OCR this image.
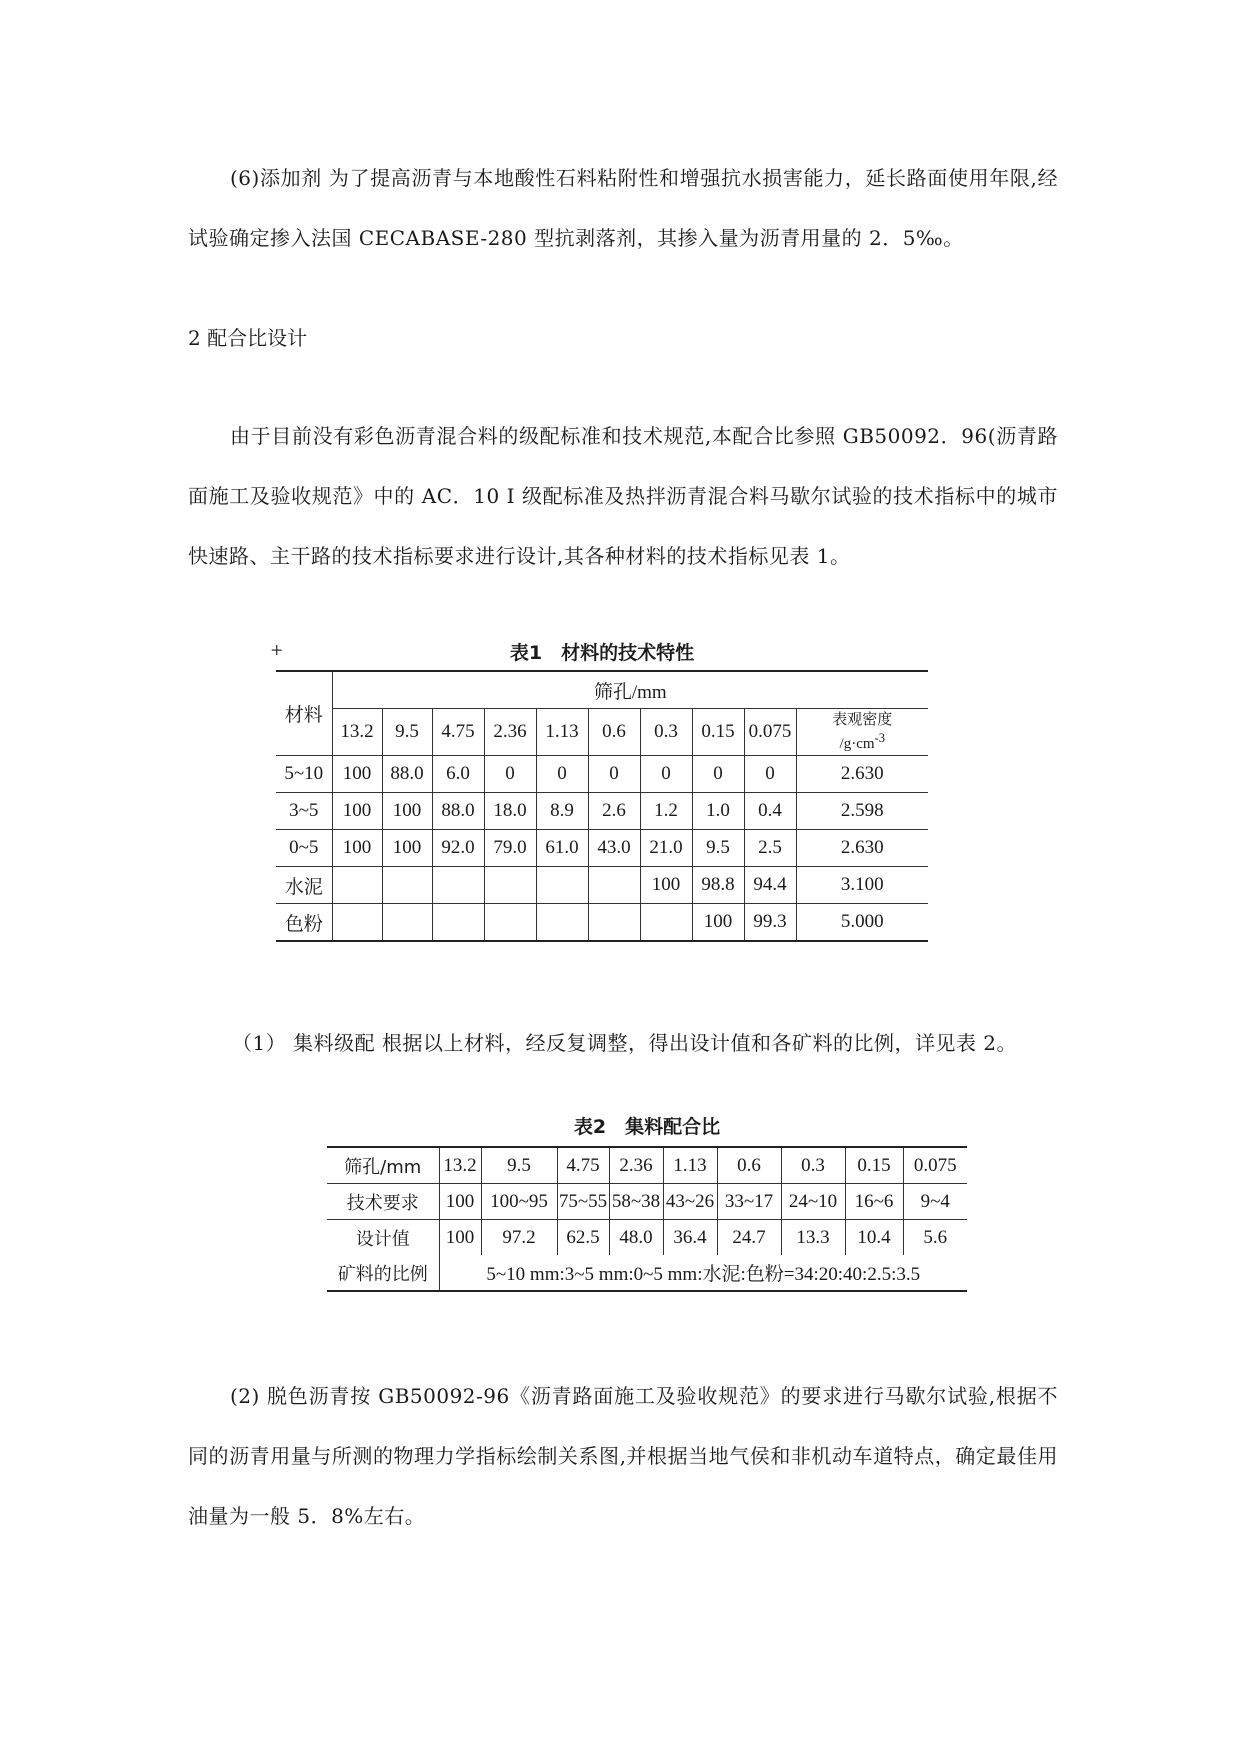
(6)添加剂 为了提高沥青与本地酸性石料粘附性和增强抗水损害能力，延长路面使用年限,经试验确定掺入法国 CECABASE-280 型抗剥落剂，其掺入量为沥青用量的 2．5‰。

2 配合比设计

由于目前没有彩色沥青混合料的级配标准和技术规范,本配合比参照 GB50092．96(沥青路面施工及验收规范》中的 AC．10 I 级配标准及热拌沥青混合料马歇尔试验的技术指标中的城市快速路、主干路的技术指标要求进行设计,其各种材料的技术指标见表 1。

+	表1　材料的技术特性
材料	筛孔/mm									
	13.2	9.5	4.75	2.36	1.13	0.6	0.3	0.15	0.075	表观密度
$/g\cdot cm^{-3}$
5~10	100	88.0	6.0	0	0	0	0	0	0	2.630
3~5	100	100	88.0	18.0	8.9	2.6	1.2	1.0	0.4	2.598
0~5	100	100	92.0	79.0	61.0	43.0	21.0	9.5	2.5	2.630
水泥							100	98.8	94.4	3.100
色粉								100	99.3	5.000

（1） 集料级配 根据以上材料，经反复调整，得出设计值和各矿料的比例，详见表 2。

表2　集料配合比
筛孔/mm	13.2	9.5	4.75	2.36	1.13	0.6	0.3	0.15	0.075
技术要求	100	100~95	75~55	58~38	43~26	33~17	24~10	16~6	9~4
设计值	100	97.2	62.5	48.0	36.4	24.7	13.3	10.4	5.6
矿料的比例	5~10 mm:3~5 mm:0~5 mm:水泥:色粉=34:20:40:2.5:3.5								

(2) 脱色沥青按 GB50092-96《沥青路面施工及验收规范》的要求进行马歇尔试验,根据不同的沥青用量与所测的物理力学指标绘制关系图,并根据当地气侯和非机动车道特点，确定最佳用油量为一般 5．8%左右。
